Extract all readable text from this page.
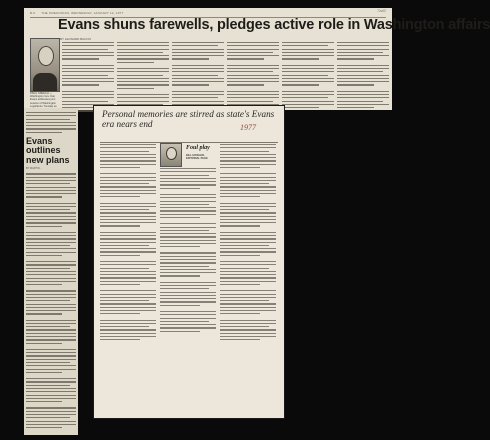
B-6 THE OREGONIAN, WEDNESDAY, JANUARY 12, 1977	7a42
Evans shuns farewells, pledges active role in Washington affairs
BY LEONARD BACON
FINAL SPEECH — Washington Gov. Dan Evans addresses joint session of Washington Legislature Tuesday as
Evans outlines new plans
BY MARTIN...
Personal memories are stirred as state's Evans era nears end	1977
Foul play
BILL HOWLER, EDITORIAL PAGE
